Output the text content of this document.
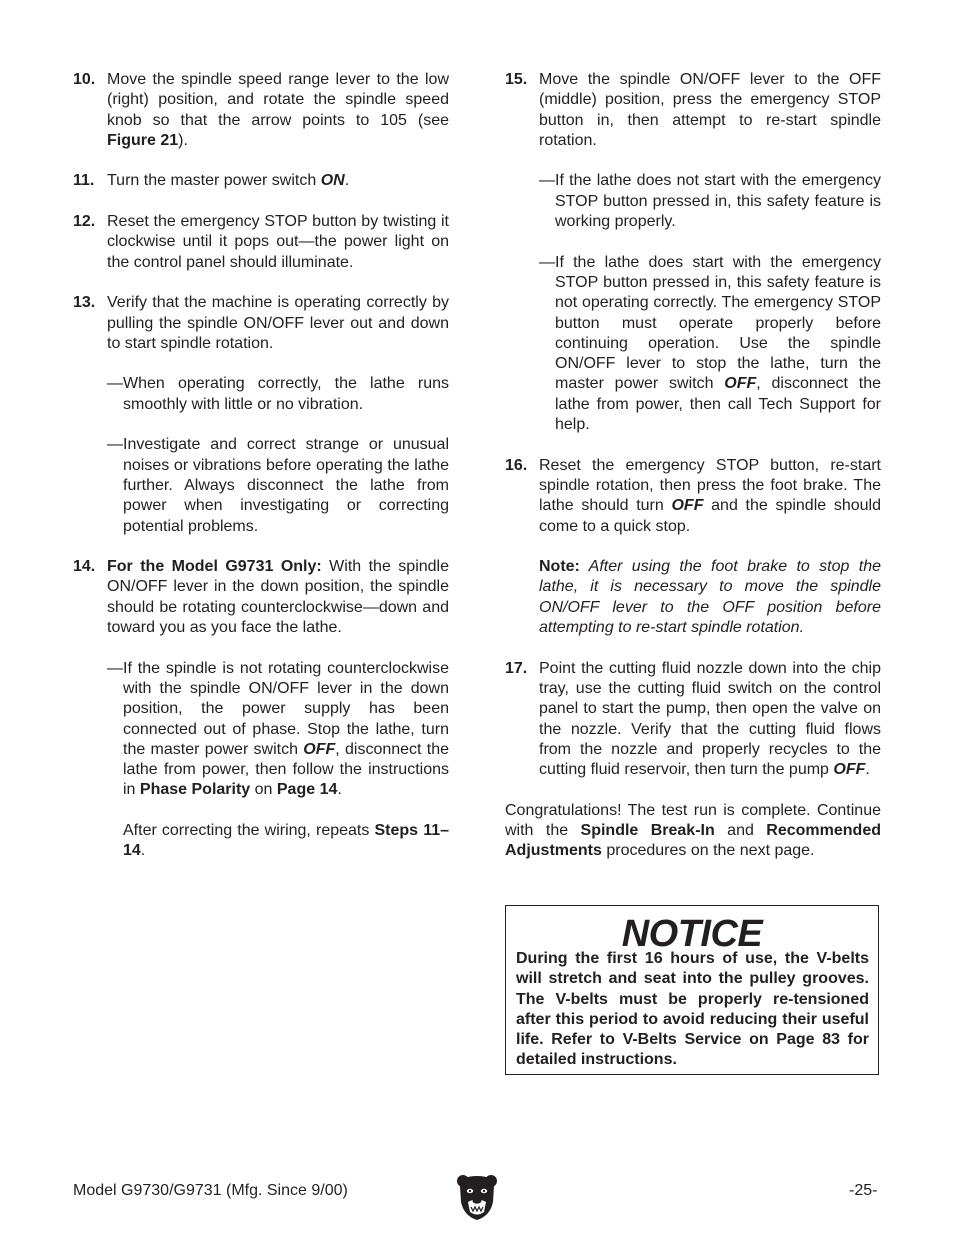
10. Move the spindle speed range lever to the low (right) position, and rotate the spindle speed knob so that the arrow points to 105 (see Figure 21).
11. Turn the master power switch ON.
12. Reset the emergency STOP button by twisting it clockwise until it pops out—the power light on the control panel should illuminate.
13. Verify that the machine is operating correctly by pulling the spindle ON/OFF lever out and down to start spindle rotation.
— When operating correctly, the lathe runs smoothly with little or no vibration.
— Investigate and correct strange or unusual noises or vibrations before operating the lathe further. Always disconnect the lathe from power when investigating or correcting potential problems.
14. For the Model G9731 Only: With the spindle ON/OFF lever in the down position, the spindle should be rotating counterclockwise—down and toward you as you face the lathe.
— If the spindle is not rotating counterclockwise with the spindle ON/OFF lever in the down position, the power supply has been connected out of phase. Stop the lathe, turn the master power switch OFF, disconnect the lathe from power, then follow the instructions in Phase Polarity on Page 14.
After correcting the wiring, repeats Steps 11–14.
15. Move the spindle ON/OFF lever to the OFF (middle) position, press the emergency STOP button in, then attempt to re-start spindle rotation.
— If the lathe does not start with the emergency STOP button pressed in, this safety feature is working properly.
— If the lathe does start with the emergency STOP button pressed in, this safety feature is not operating correctly. The emergency STOP button must operate properly before continuing operation. Use the spindle ON/OFF lever to stop the lathe, turn the master power switch OFF, disconnect the lathe from power, then call Tech Support for help.
16. Reset the emergency STOP button, re-start spindle rotation, then press the foot brake. The lathe should turn OFF and the spindle should come to a quick stop.
Note: After using the foot brake to stop the lathe, it is necessary to move the spindle ON/OFF lever to the OFF position before attempting to re-start spindle rotation.
17. Point the cutting fluid nozzle down into the chip tray, use the cutting fluid switch on the control panel to start the pump, then open the valve on the nozzle. Verify that the cutting fluid flows from the nozzle and properly recycles to the cutting fluid reservoir, then turn the pump OFF.
Congratulations! The test run is complete. Continue with the Spindle Break-In and Recommended Adjustments procedures on the next page.
NOTICE
During the first 16 hours of use, the V-belts will stretch and seat into the pulley grooves. The V-belts must be properly re-tensioned after this period to avoid reducing their useful life. Refer to V-Belts Service on Page 83 for detailed instructions.
Model G9730/G9731 (Mfg. Since 9/00)	-25-
